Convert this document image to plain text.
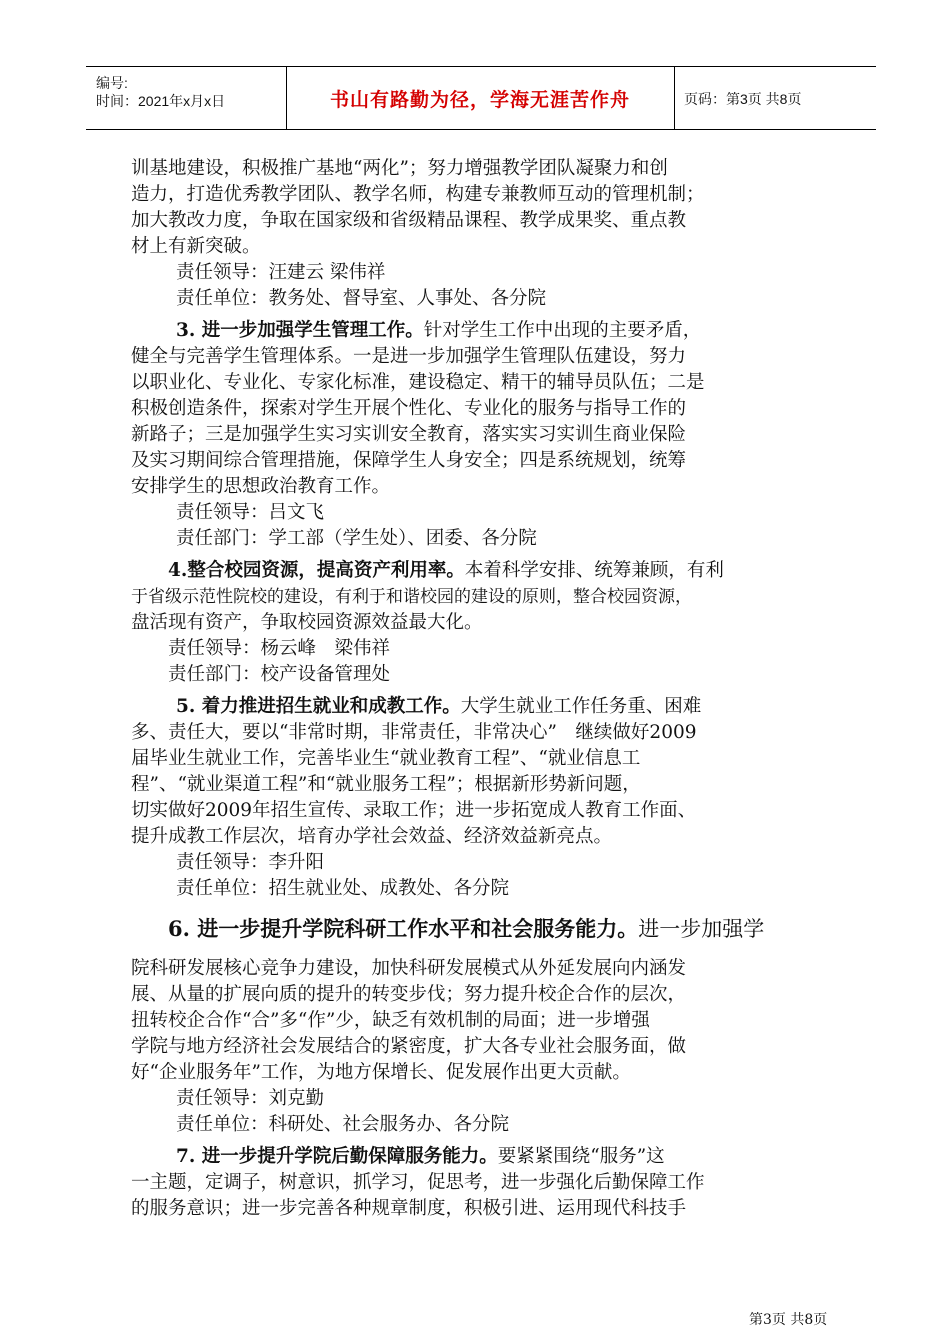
编号:
时间：2021年x月x日	书山有路勤为径，学海无涯苦作舟	页码：第3页 共8页
训基地建设，积极推广基地“两化”；努力增强教学团队凝聚力和创
造力，打造优秀教学团队、教学名师，构建专兼教师互动的管理机制；
加大教改力度，争取在国家级和省级精品课程、教学成果奖、重点教
材上有新突破。
责任领导：汪建云 梁伟祥
责任单位：教务处、督导室、人事处、各分院
3. 进一步加强学生管理工作。针对学生工作中出现的主要矛盾，
健全与完善学生管理体系。一是进一步加强学生管理队伍建设，努力
以职业化、专业化、专家化标准，建设稳定、精干的辅导员队伍；二是
积极创造条件，探索对学生开展个性化、专业化的服务与指导工作的
新路子；三是加强学生实习实训安全教育，落实实习实训生商业保险
及实习期间综合管理措施，保障学生人身安全；四是系统规划，统筹
安排学生的思想政治教育工作。
责任领导：吕文飞
责任部门：学工部（学生处）、团委、各分院
4.整合校园资源，提高资产利用率。本着科学安排、统筹兼顾，有利
于省级示范性院校的建设，有利于和谐校园的建设的原则，整合校园资源，
盘活现有资产，争取校园资源效益最大化。
责任领导：杨云峰　梁伟祥
责任部门：校产设备管理处
5. 着力推进招生就业和成教工作。大学生就业工作任务重、困难
多、责任大，要以“非常时期，非常责任，非常决心”　继续做好2009
届毕业生就业工作，完善毕业生“就业教育工程”、“就业信息工
程”、“就业渠道工程”和“就业服务工程”；根据新形势新问题，
切实做好2009年招生宣传、录取工作；进一步拓宽成人教育工作面、
提升成教工作层次，培育办学社会效益、经济效益新亮点。
责任领导：李升阳
责任单位：招生就业处、成教处、各分院
6. 进一步提升学院科研工作水平和社会服务能力。进一步加强学
院科研发展核心竞争力建设，加快科研发展模式从外延发展向内涵发
展、从量的扩展向质的提升的转变步伐；努力提升校企合作的层次，
扭转校企合作“合”多“作”少，缺乏有效机制的局面；进一步增强
学院与地方经济社会发展结合的紧密度，扩大各专业社会服务面，做
好“企业服务年”工作，为地方保增长、促发展作出更大贡献。
责任领导：刘克勤
责任单位：科研处、社会服务办、各分院
7. 进一步提升学院后勤保障服务能力。要紧紧围绕“服务”这
一主题，定调子，树意识，抓学习，促思考，进一步强化后勤保障工作
的服务意识；进一步完善各种规章制度，积极引进、运用现代科技手
第3页 共8页
